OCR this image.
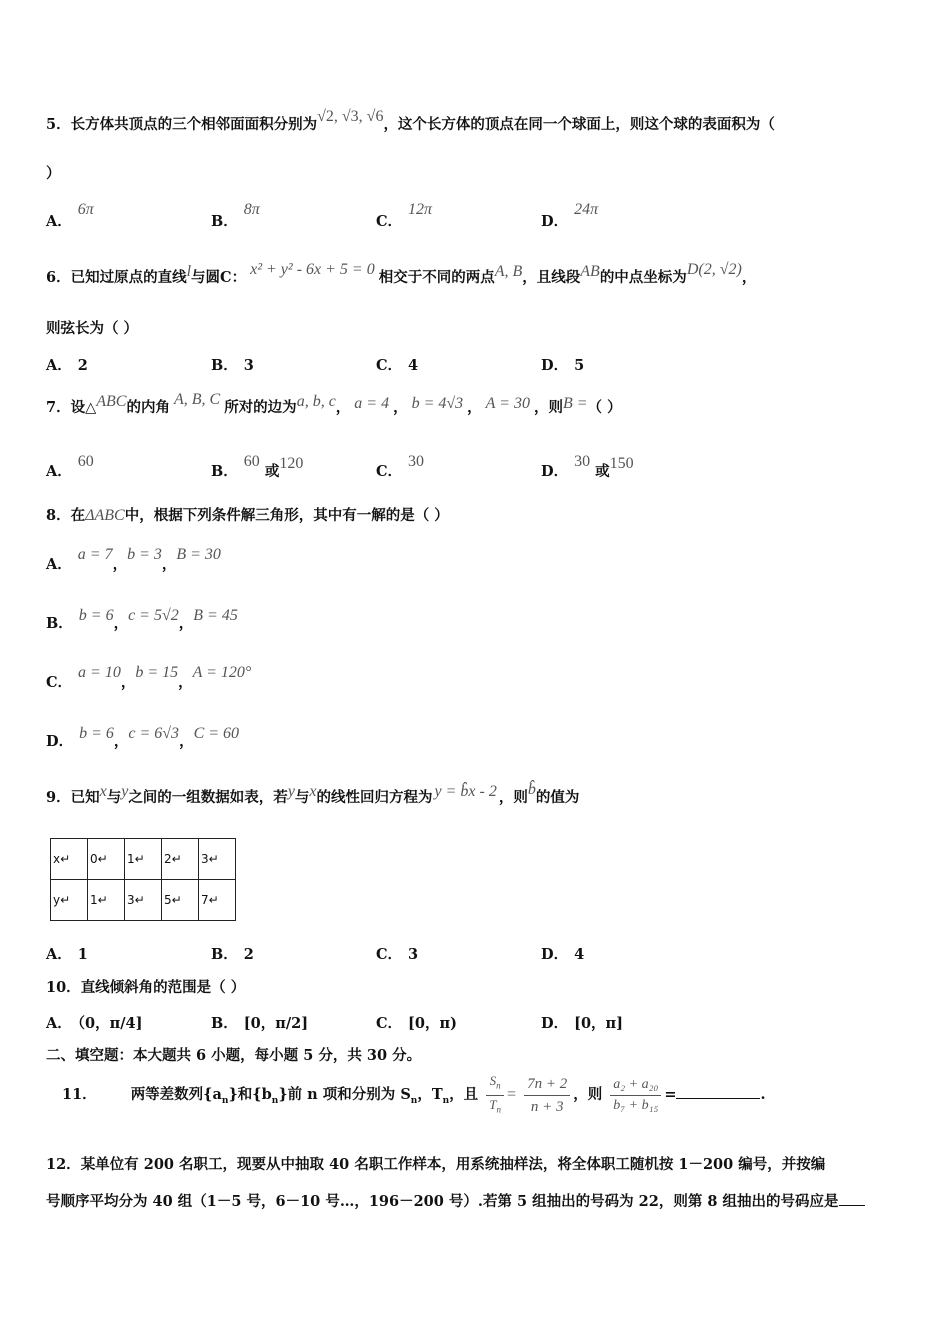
5．长方体共顶点的三个相邻面面积分别为√2, √3, √6，这个长方体的顶点在同一个球面上，则这个球的表面积为（
）
A．6π
B．8π
C．12π
D．24π
6．已知过原点的直线l与圆C： x² + y² - 6x + 5 = 0 相交于不同的两点A, B，且线段AB的中点坐标为D(2, √2)，
则弦长为（ ）
A． 2	B． 3	C． 4	D． 5
7．设△ABC的内角 A, B, C 所对的边为a, b, c， a = 4 ， b = 4√3 ， A = 30 ，则B =（ ）
A．60
B．60 或120	C．30
D．30 或150
8．在ΔABC中，根据下列条件解三角形，其中有一解的是（ ）
A．a = 7，b = 3，B = 30
B． b = 6，c = 5√2，B = 45
C．a = 10，b = 15，A = 120°
D． b = 6，c = 6√3，C = 60
9．已知x与y之间的一组数据如表，若y与x的线性回归方程为 y = b̂x - 2 ，则b̂的值为
x↵	0↵	1↵	2↵	3↵
y↵	1↵	3↵	5↵	7↵
A． 1	B． 2	C． 3	D． 4
10．直线倾斜角的范围是（ ）
A． （0，π/4]	B． [0，π/2]	C． [0，π)	D． [0，π]
二、填空题：本大题共 6 小题，每小题 5 分，共 30 分。
11． 两等差数列$\{a_n\}$和$\{b_n\}$前 n 项和分别为 $S_n$，$T_n$，且 $\frac{S_n}{T_n} = \frac{7n + 2}{n + 3}$ ，则 $\frac{\text{a₂ + a₂₀}}{\text{b₇ + b₁₅}}$ =	.
12．某单位有 200 名职工，现要从中抽取 40 名职工作样本，用系统抽样法，将全体职工随机按 1－200 编号，并按编
号顺序平均分为 40 组（1－5 号，6－10 号…，196－200 号）.若第 5 组抽出的号码为 22，则第 8 组抽出的号码应是
